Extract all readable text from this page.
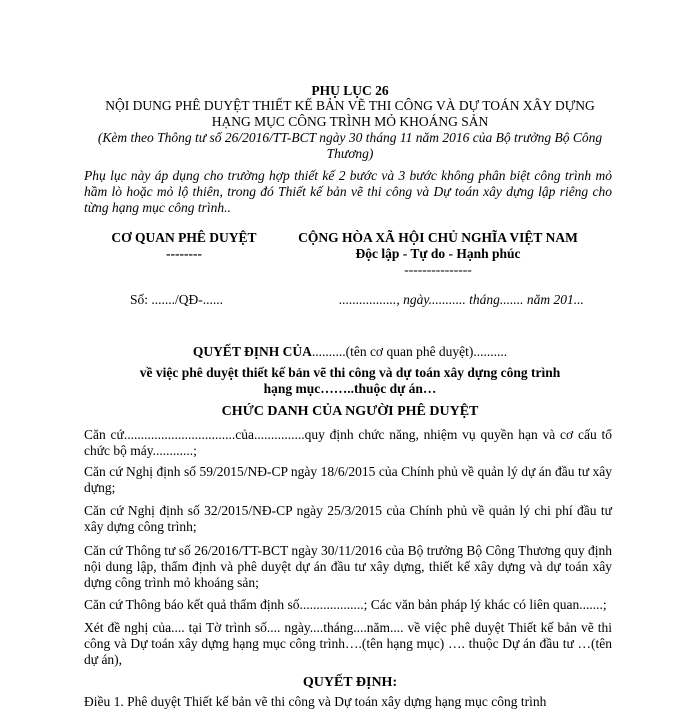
PHỤ LỤC 26
NỘI DUNG PHÊ DUYỆT THIẾT KẾ BẢN VẼ THI CÔNG VÀ DỰ TOÁN XÂY DỰNG
HẠNG MỤC CÔNG TRÌNH MỎ KHOÁNG SẢN
(Kèm theo Thông tư số 26/2016/TT-BCT ngày 30 tháng 11 năm 2016 của Bộ trưởng Bộ Công
Thương)
Phụ lục này áp dụng cho trường hợp thiết kế 2 bước và 3 bước không phân biệt công trình mỏ hầm lò hoặc mỏ lộ thiên, trong đó Thiết kế bản vẽ thi công và Dự toán xây dựng lập riêng cho từng hạng mục công trình..
CƠ QUAN PHÊ DUYỆT
--------
CỘNG HÒA XÃ HỘI CHỦ NGHĨA VIỆT NAM
Độc lập - Tự do - Hạnh phúc
---------------
Số: ......./QĐ-......	................., ngày........... tháng....... năm 201...
QUYẾT ĐỊNH CỦA..........(tên cơ quan phê duyệt)..........
về việc phê duyệt thiết kế bản vẽ thi công và dự toán xây dựng công trình
hạng mục……..thuộc dự án…
CHỨC DANH CỦA NGƯỜI PHÊ DUYỆT
Căn cứ.................................của...............quy định chức năng, nhiệm vụ quyền hạn và cơ cấu tổ chức bộ máy............;
Căn cứ Nghị định số 59/2015/NĐ-CP ngày 18/6/2015 của Chính phủ về quản lý dự án đầu tư xây dựng;
Căn cứ Nghị định số 32/2015/NĐ-CP ngày 25/3/2015 của Chính phủ về quản lý chi phí đầu tư xây dựng công trình;
Căn cứ Thông tư số 26/2016/TT-BCT ngày 30/11/2016 của Bộ trưởng Bộ Công Thương quy định nội dung lập, thẩm định và phê duyệt dự án đầu tư xây dựng, thiết kế xây dựng và dự toán xây dựng công trình mỏ khoáng sản;
Căn cứ Thông báo kết quả thẩm định số...................; Các văn bản pháp lý khác có liên quan.......;
Xét đề nghị của.... tại Tờ trình số.... ngày....tháng....năm.... về việc phê duyệt Thiết kế bản vẽ thi công và Dự toán xây dựng hạng mục công trình….(tên hạng mục) …. thuộc Dự án đầu tư …(tên dự án),
QUYẾT ĐỊNH:
Điều 1. Phê duyệt Thiết kế bản vẽ thi công và Dự toán xây dựng hạng mục công trình
